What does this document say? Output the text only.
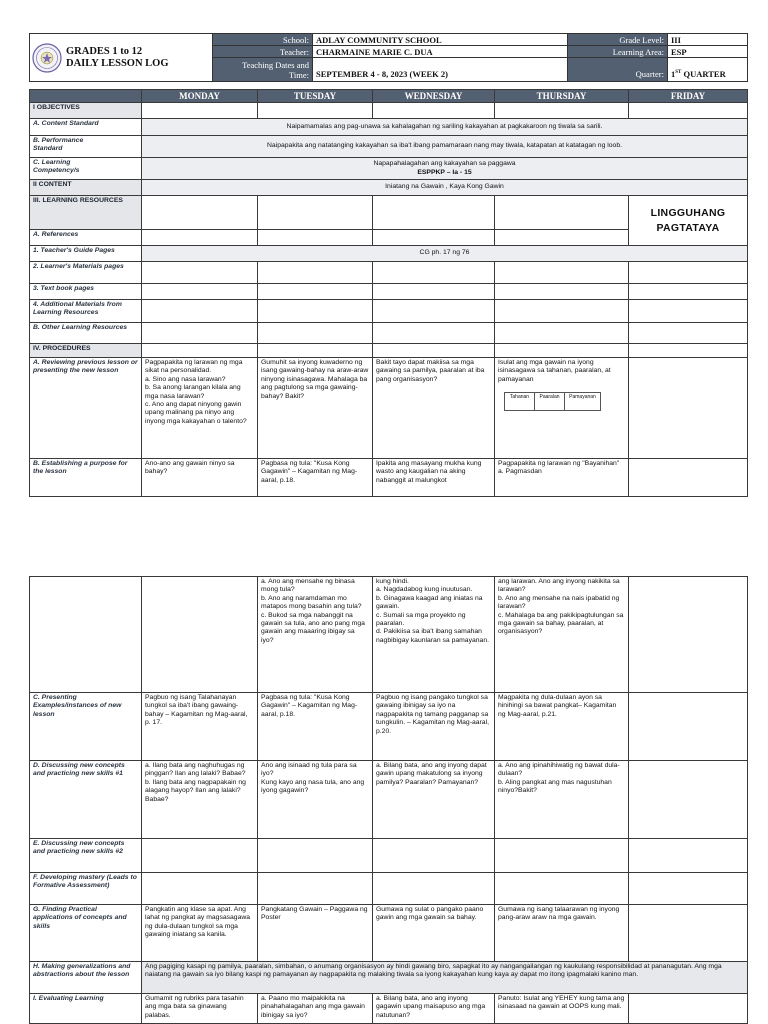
GRADES 1 to 12
DAILY LESSON LOG	School:	ADLAY COMMUNITY SCHOOL	Grade Level:	III
	Teacher:	CHARMAINE MARIE C. DUA	Learning Area:	ESP

	Teaching Dates and
Time:	SEPTEMBER 4 - 8, 2023 (WEEK 2)	Quarter:	1ST QUARTER
	MONDAY	TUESDAY	WEDNESDAY	THURSDAY	FRIDAY
I OBJECTIVES					
A. Content Standard	Naipamamalas ang pag-unawa sa kahalagahan ng sariling kakayahan at pagkakaroon ng tiwala sa sarili.
B. Performance
Standard	Naipapakita ang natatanging kakayahan sa iba't ibang pamamaraan nang may tiwala, katapatan at katatagan ng loob.
C. Learning
Competency/s	
Napapahalagahan ang kakayahan sa paggawa
ESPPKP – Ia - 15

II CONTENT	Iniatang na Gawain , Kaya Kong Gawin
III. LEARNING RESOURCES					
LINGGUHANG PAGTATAYA

A. References				
1. Teacher's Guide Pages	CG ph. 17 ng 76
2. Learner's Materials pages					
3. Text book pages					
4. Additional Materials from Learning Resources					
B. Other Learning Resources					
IV. PROCEDURES					
A. Reviewing previous lesson or presenting the new lesson	Pagpapakita ng larawan ng mga sikat na personalidad.
a. Sino ang nasa larawan?
b. Sa anong larangan kilala ang mga nasa larawan?
c. Ano ang dapat ninyong gawin upang malinang pa ninyo ang inyong mga kakayahan o talento?	Gumuhit sa inyong kuwaderno ng isang gawaing-bahay na araw-araw ninyong isinasagawa. Mahalaga ba ang pagtulong sa mga gawaing-bahay? Bakit?	Bakit tayo dapat makiisa sa mga gawaing sa pamilya, paaralan at iba pang organisasyon?	
Isulat ang mga gawain na iyong isinasagawa sa tahanan, paaralan, at pamayanan
Tahanan	Paaralan	Pamayanan

B. Establishing a purpose for the lesson	Ano-ano ang gawain ninyo sa bahay?	Pagbasa ng tula: "Kusa Kong Gagawin" – Kagamitan ng Mag-aaral, p.18.	Ipakita ang masayang mukha kung wasto ang kaugalian na aking nabanggit at malungkot	Pagpapakita ng larawan ng "Bayanihan"
a. Pagmasdan	
		a. Ano ang mensahe ng binasa mong tula?
b. Ano ang naramdaman mo matapos mong basahin ang tula?
c. Bukod sa mga nabanggit na gawain sa tula, ano ano pang mga gawain ang maaaring ibigay sa iyo?	kung hindi.
a. Nagdadabog kung inuutusan.
b. Ginagawa kaagad ang iniatas na gawain.
c. Sumali sa mga proyekto ng paaralan.
d. Pakikiisa sa iba't ibang samahan nagbibigay kaunlaran sa pamayanan.	ang larawan. Ano ang inyong nakikita sa larawan?
b. Ano ang mensahe na nais ipabatid ng larawan?
c. Mahalaga ba ang pakikipagtulungan sa mga gawain sa bahay, paaralan, at organisasyon?	
C. Presenting Examples/instances of new lesson	Pagbuo ng isang Talahanayan tungkol sa iba't ibang gawaing-bahay – Kagamitan ng Mag-aaral, p. 17.	Pagbasa ng tula: "Kusa Kong Gagawin" – Kagamitan ng Mag-aaral, p.18.	Pagbuo ng isang pangako tungkol sa gawaing ibinigay sa iyo na nagpapakita ng tamang pagganap sa tungkulin. – Kagamitan ng Mag-aaral, p.20.	Magpakita ng dula-dulaan ayon sa hinihingi sa bawat pangkat– Kagamitan ng Mag-aaral, p.21.	
D. Discussing new concepts and practicing new skills #1	a. Ilang bata ang naghuhugas ng pinggan? Ilan ang lalaki? Babae?
b. Ilang bata ang nagpapakain ng alagang hayop? Ilan ang lalaki? Babae?	Ano ang isinaad ng tula para sa iyo?
Kung kayo ang nasa tula, ano ang iyong gagawin?	a. Bilang bata, ano ang inyong dapat gawin upang makatulong sa inyong pamilya? Paaralan? Pamayanan?	a. Ano ang ipinahihiwatig ng bawat dula-dulaan?
b. Aling pangkat ang mas nagustuhan ninyo?Bakit?	
E. Discussing new concepts and practicing new skills #2					
F. Developing mastery (Leads to Formative Assessment)					
G. Finding Practical applications of concepts and skills	Pangkatin ang klase sa apat. Ang lahat ng pangkat ay magsasagawa ng dula-dulaan tungkol sa mga gawaing iniatang sa kanila.	Pangkatang Gawain – Paggawa ng Poster	Gumawa ng sulat o pangako paano gawin ang mga gawain sa bahay.	Gumawa ng isang talaarawan ng inyong pang-araw araw na mga gawain.	
H. Making generalizations and abstractions about the lesson	Ang pagiging kasapi ng pamilya, paaralan, simbahan, o anumang organisasyon ay hindi gawang biro, sapagkat ito ay nangangailangan ng kaukulang responsibilidad at pananagutan. Ang mga naiatang na gawain sa iyo bilang kaspi ng pamayanan ay nagpapakita ng malaking tiwala sa iyong kakayahan kung kaya ay dapat mo itong ipagmalaki kanino man.				
I. Evaluating Learning	Gumamit ng rubriks para tasahin ang mga bata sa ginawang palabas.	a. Paano mo maipakikita na pinahahalagahan ang mga gawain ibinigay sa iyo?	a. Bilang bata, ano ang inyong gagawin upang maisapuso ang mga natutunan?	Panuto: Isulat ang YEHEY kung tama ang isinasaad na gawain at OOPS kung mali.	
